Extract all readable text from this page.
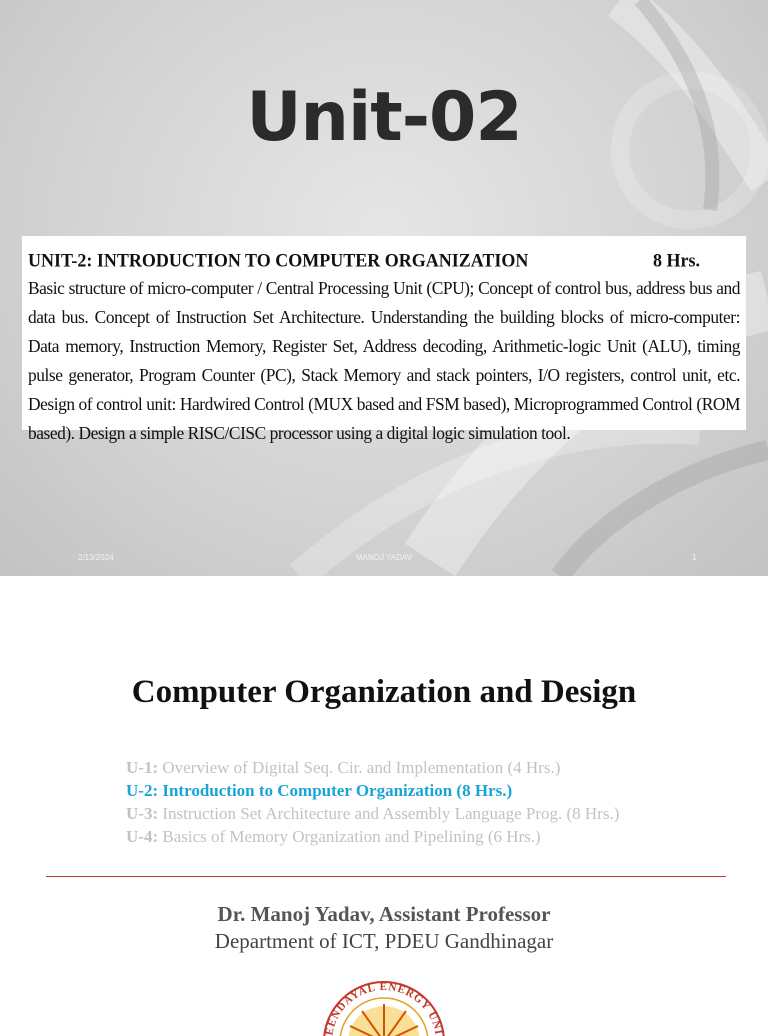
Unit-02
UNIT-2: INTRODUCTION TO COMPUTER ORGANIZATION	8 Hrs.
Basic structure of micro-computer / Central Processing Unit (CPU); Concept of control bus, address bus and data bus. Concept of Instruction Set Architecture. Understanding the building blocks of micro-computer: Data memory, Instruction Memory, Register Set, Address decoding, Arithmetic-logic Unit (ALU), timing pulse generator, Program Counter (PC), Stack Memory and stack pointers, I/O registers, control unit, etc. Design of control unit: Hardwired Control (MUX based and FSM based), Microprogrammed Control (ROM based). Design a simple RISC/CISC processor using a digital logic simulation tool.
2/13/2024	MANOJ YADAV	1
Computer Organization and Design
U-1: Overview of Digital Seq. Cir. and Implementation (4 Hrs.)
U-2: Introduction to Computer Organization (8 Hrs.)
U-3: Instruction Set Architecture and Assembly Language Prog. (8 Hrs.)
U-4: Basics of Memory Organization and Pipelining (6 Hrs.)
Dr. Manoj Yadav, Assistant Professor
Department of ICT, PDEU Gandhinagar
EENDAYAL ENERGY UNI
